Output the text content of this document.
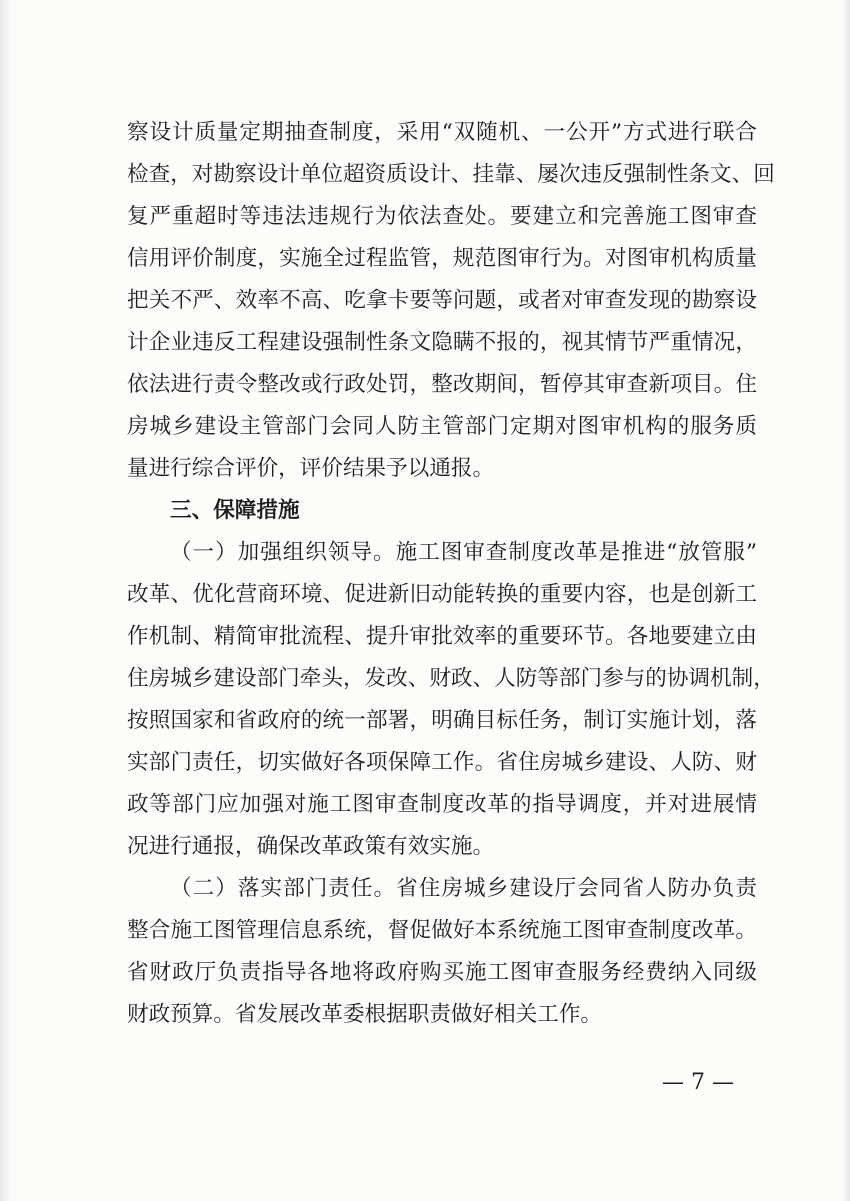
察设计质量定期抽查制度，采用“双随机、一公开”方式进行联合
检查，对勘察设计单位超资质设计、挂靠、屡次违反强制性条文、回
复严重超时等违法违规行为依法查处。要建立和完善施工图审查
信用评价制度，实施全过程监管，规范图审行为。对图审机构质量
把关不严、效率不高、吃拿卡要等问题，或者对审查发现的勘察设
计企业违反工程建设强制性条文隐瞒不报的，视其情节严重情况，
依法进行责令整改或行政处罚，整改期间，暂停其审查新项目。住
房城乡建设主管部门会同人防主管部门定期对图审机构的服务质
量进行综合评价，评价结果予以通报。
三、保障措施
（一）加强组织领导。施工图审查制度改革是推进“放管服”
改革、优化营商环境、促进新旧动能转换的重要内容，也是创新工
作机制、精简审批流程、提升审批效率的重要环节。各地要建立由
住房城乡建设部门牵头，发改、财政、人防等部门参与的协调机制，
按照国家和省政府的统一部署，明确目标任务，制订实施计划，落
实部门责任，切实做好各项保障工作。省住房城乡建设、人防、财
政等部门应加强对施工图审查制度改革的指导调度，并对进展情
况进行通报，确保改革政策有效实施。
（二）落实部门责任。省住房城乡建设厅会同省人防办负责
整合施工图管理信息系统，督促做好本系统施工图审查制度改革。
省财政厅负责指导各地将政府购买施工图审查服务经费纳入同级
财政预算。省发展改革委根据职责做好相关工作。
— 7 —
